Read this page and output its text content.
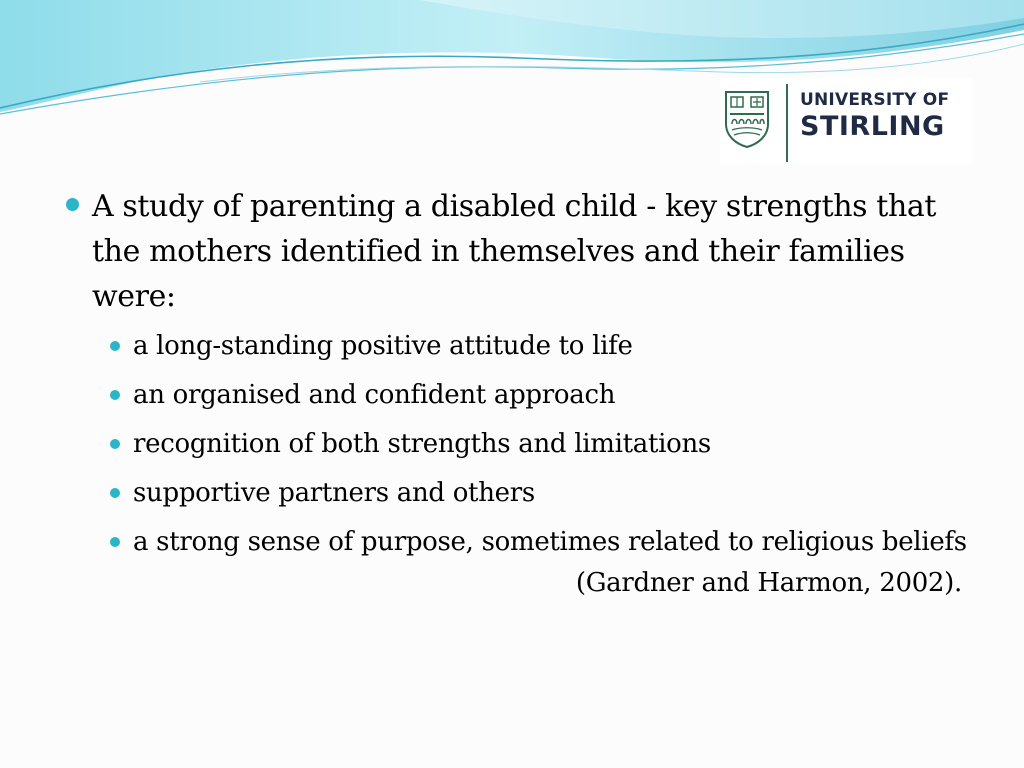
UNIVERSITY OF
STIRLING
A study of parenting a disabled child - key strengths that the mothers identified in themselves and their families were:
a long-standing positive attitude to life
an organised and confident approach
recognition of both strengths and limitations
supportive partners and others
a strong sense of purpose, sometimes related to religious beliefs
(Gardner and Harmon, 2002).
